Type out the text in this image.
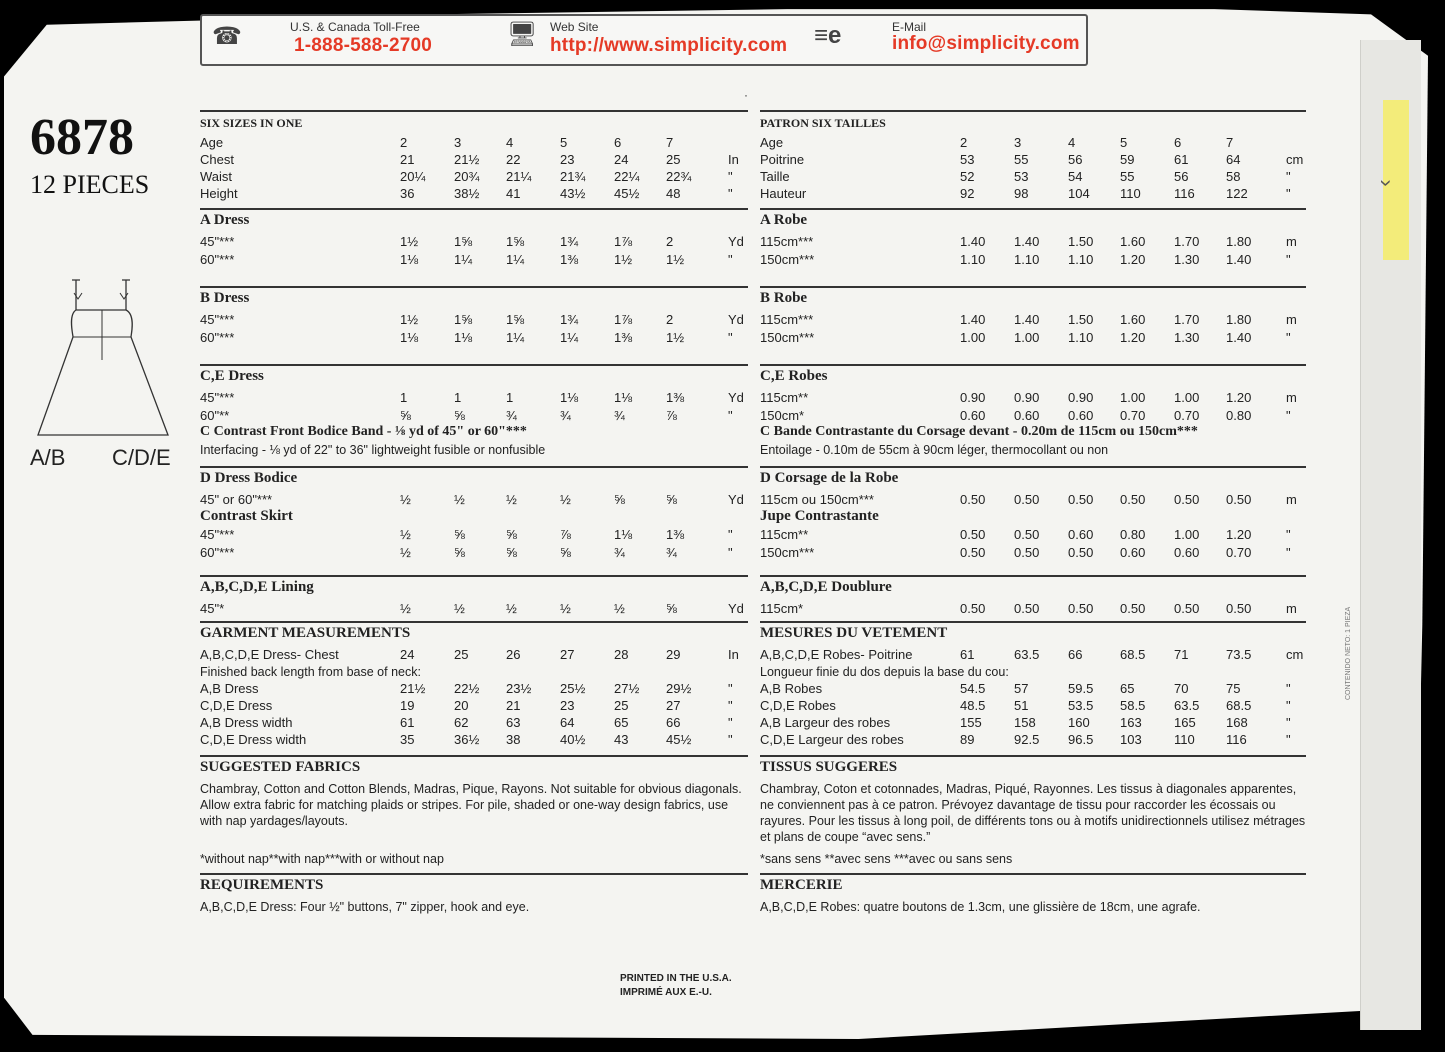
›
CONTENIDO NETO: 1 PIEZA
☎	U.S. & Canada Toll-Free
1-888-588-2700	🖥 Web Site
http://www.simplicity.com ≡e	E-Mail
info@simplicity.com
6878
12 PIECES
A/B C/D/E
SIX SIZES IN ONE
Age	2	3	4	5	6	7
Chest	21	21½ 22	23	24	25	In
Waist	20¼ 20¾ 21¼ 21¾ 22¼ 22¾	"
Height	36	38½ 41	43½ 45½ 48	"
A Dress
45"***	1½	1⅝	1⅝	1¾	1⅞	2	Yd
60"***	1⅛	1¼	1¼	1⅜	1½	1½	"
B Dress
45"***	1½	1⅝	1⅝	1¾	1⅞	2	Yd
60"***	1⅛	1⅛	1¼	1¼	1⅜	1½	"
C,E Dress
45"***	1	1	1	1⅛	1⅛	1⅜	Yd
60"**	⅝	⅝	¾	¾	¾	⅞	"
C Contrast Front Bodice Band - ⅛ yd of 45" or 60"***
Interfacing - ⅛ yd of 22" to 36" lightweight fusible or nonfusible
D Dress Bodice
45" or 60"***	½	½	½	½	⅝	⅝	Yd
Contrast Skirt
45"***	½	⅝	⅝	⅞	1⅛	1⅜	"
60"***	½	⅝	⅝	⅝	¾	¾	"
A,B,C,D,E Lining
45"*	½	½	½	½	½	⅝	Yd
GARMENT MEASUREMENTS
A,B,C,D,E Dress- Chest	24	25	26	27	28	29	In
Finished back length from base of neck:
A,B Dress	21½ 22½ 23½ 25½ 27½ 29½	"
C,D,E Dress	19	20	21	23	25	27	"
A,B Dress width	61	62	63	64	65	66	"
C,D,E Dress width	35	36½ 38	40½ 43	45½	"
SUGGESTED FABRICS
Chambray, Cotton and Cotton Blends, Madras, Pique, Rayons. Not suitable for obvious diagonals. Allow extra fabric for matching plaids or stripes. For pile, shaded or one-way design fabrics, use with nap yardages/layouts.
*without nap**with nap***with or without nap
REQUIREMENTS
A,B,C,D,E Dress: Four ½" buttons, 7" zipper, hook and eye.
PATRON SIX TAILLES
Age	2	3	4	5	6	7
Poitrine	53	55	56	59	61	64	cm
Taille	52	53	54	55	56	58	"
Hauteur	92	98	104 110	116 122	"
A Robe
115cm***	1.40 1.40 1.50 1.60 1.70 1.80	m
150cm***	1.10 1.10 1.10 1.20 1.30 1.40	"
B Robe
115cm***	1.40 1.40 1.50 1.60 1.70 1.80	m
150cm***	1.00 1.00 1.10 1.20 1.30 1.40	"
C,E Robes
115cm**	0.90 0.90 0.90 1.00 1.00 1.20	m
150cm*	0.60 0.60 0.60 0.70 0.70 0.80	"
C Bande Contrastante du Corsage devant - 0.20m de 115cm ou 150cm***
Entoilage - 0.10m de 55cm à 90cm léger, thermocollant ou non
D Corsage de la Robe
115cm ou 150cm***	0.50 0.50 0.50 0.50 0.50 0.50	m
Jupe Contrastante
115cm**	0.50 0.50 0.60 0.80 1.00 1.20	"
150cm***	0.50 0.50 0.50 0.60 0.60 0.70	"
A,B,C,D,E Doublure
115cm*	0.50 0.50 0.50 0.50 0.50 0.50	m
MESURES DU VETEMENT
A,B,C,D,E Robes- Poitrine	61	63.5 66	68.5 71	73.5	cm
Longueur finie du dos depuis la base du cou:
A,B Robes	54.5 57	59.5 65	70	75	"
C,D,E Robes	48.5 51	53.5 58.5 63.5 68.5	"
A,B Largeur des robes	155 158 160 163 165 168	"
C,D,E Largeur des robes	89	92.5 96.5 103 110 116	"
TISSUS SUGGERES
Chambray, Coton et cotonnades, Madras, Piqué, Rayonnes. Les tissus à diagonales apparentes, ne conviennent pas à ce patron. Prévoyez davantage de tissu pour raccorder les écossais ou rayures. Pour les tissus à long poil, de différents tons ou à motifs unidirectionnels utilisez métrages et plans de coupe “avec sens.”
*sans sens **avec sens ***avec ou sans sens
MERCERIE
A,B,C,D,E Robes: quatre boutons de 1.3cm, une glissière de 18cm, une agrafe.
·
PRINTED IN THE U.S.A.
IMPRIMÉ AUX E.-U.
